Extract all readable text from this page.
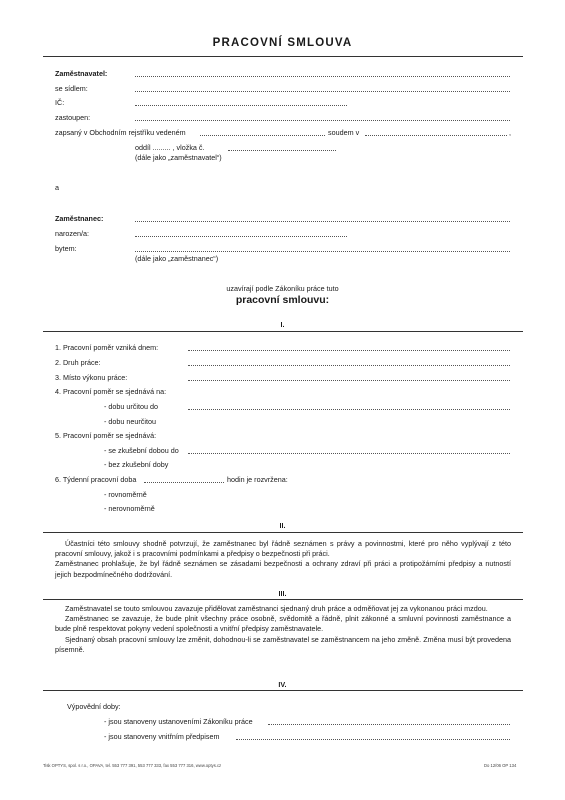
PRACOVNÍ SMLOUVA
Zaměstnavatel:
se sídlem:
IČ:
zastoupen:
zapsaný v Obchodním rejstříku vedeném	soudem v	,
oddíl ......... , vložka č.
(dále jako „zaměstnavatel“)
a
Zaměstnanec:
narozen/a:
bytem:
(dále jako „zaměstnanec“)
uzavírají podle Zákoníku práce tuto
pracovní smlouvu:
I.
1. Pracovní poměr vzniká dnem:
2. Druh práce:
3. Místo výkonu práce:
4. Pracovní poměr se sjednává na:
- dobu určitou do
- dobu neurčitou
5. Pracovní poměr se sjednává:
- se zkušební dobou do
- bez zkušební doby
6. Týdenní pracovní doba	hodin je rozvržena:
- rovnoměrně
- nerovnoměrně
II.

Účastníci této smlouvy shodně potvrzují, že zaměstnanec byl řádně seznámen s právy a povinnostmi, které pro něho vyplývají z této pracovní smlouvy, jakož i s pracovními podmínkami a předpisy o bezpečnosti při práci.

Zaměstnanec prohlašuje, že byl řádně seznámen se zásadami bezpečnosti a ochrany zdraví při práci a protipožárními předpisy a nutností jejich bezpodmínečného dodržování.

III.

Zaměstnavatel se touto smlouvou zavazuje přidělovat zaměstnanci sjednaný druh práce a odměňovat jej za vykonanou práci mzdou.

Zaměstnanec se zavazuje, že bude plnit všechny práce osobně, svědomitě a řádně, plnit zákonné a smluvní povinnosti zaměstnance a bude plně respektovat pokyny vedení společnosti a vnitřní předpisy zaměstnavatele.

Sjednaný obsah pracovní smlouvy lze změnit, dohodnou-li se zaměstnavatel se zaměstnancem na jeho změně. Změna musí být provedena písemně.

IV.
Výpovědní doby:
- jsou stanoveny ustanoveními Zákoníku práce
- jsou stanoveny vnitřním předpisem
Tisk OPTYS, spol. s r.o., OPAVA, tel. 553 777 391, 553 777 333, fax 553 777 316, www.optys.cz	Do 12/06 OP 134
